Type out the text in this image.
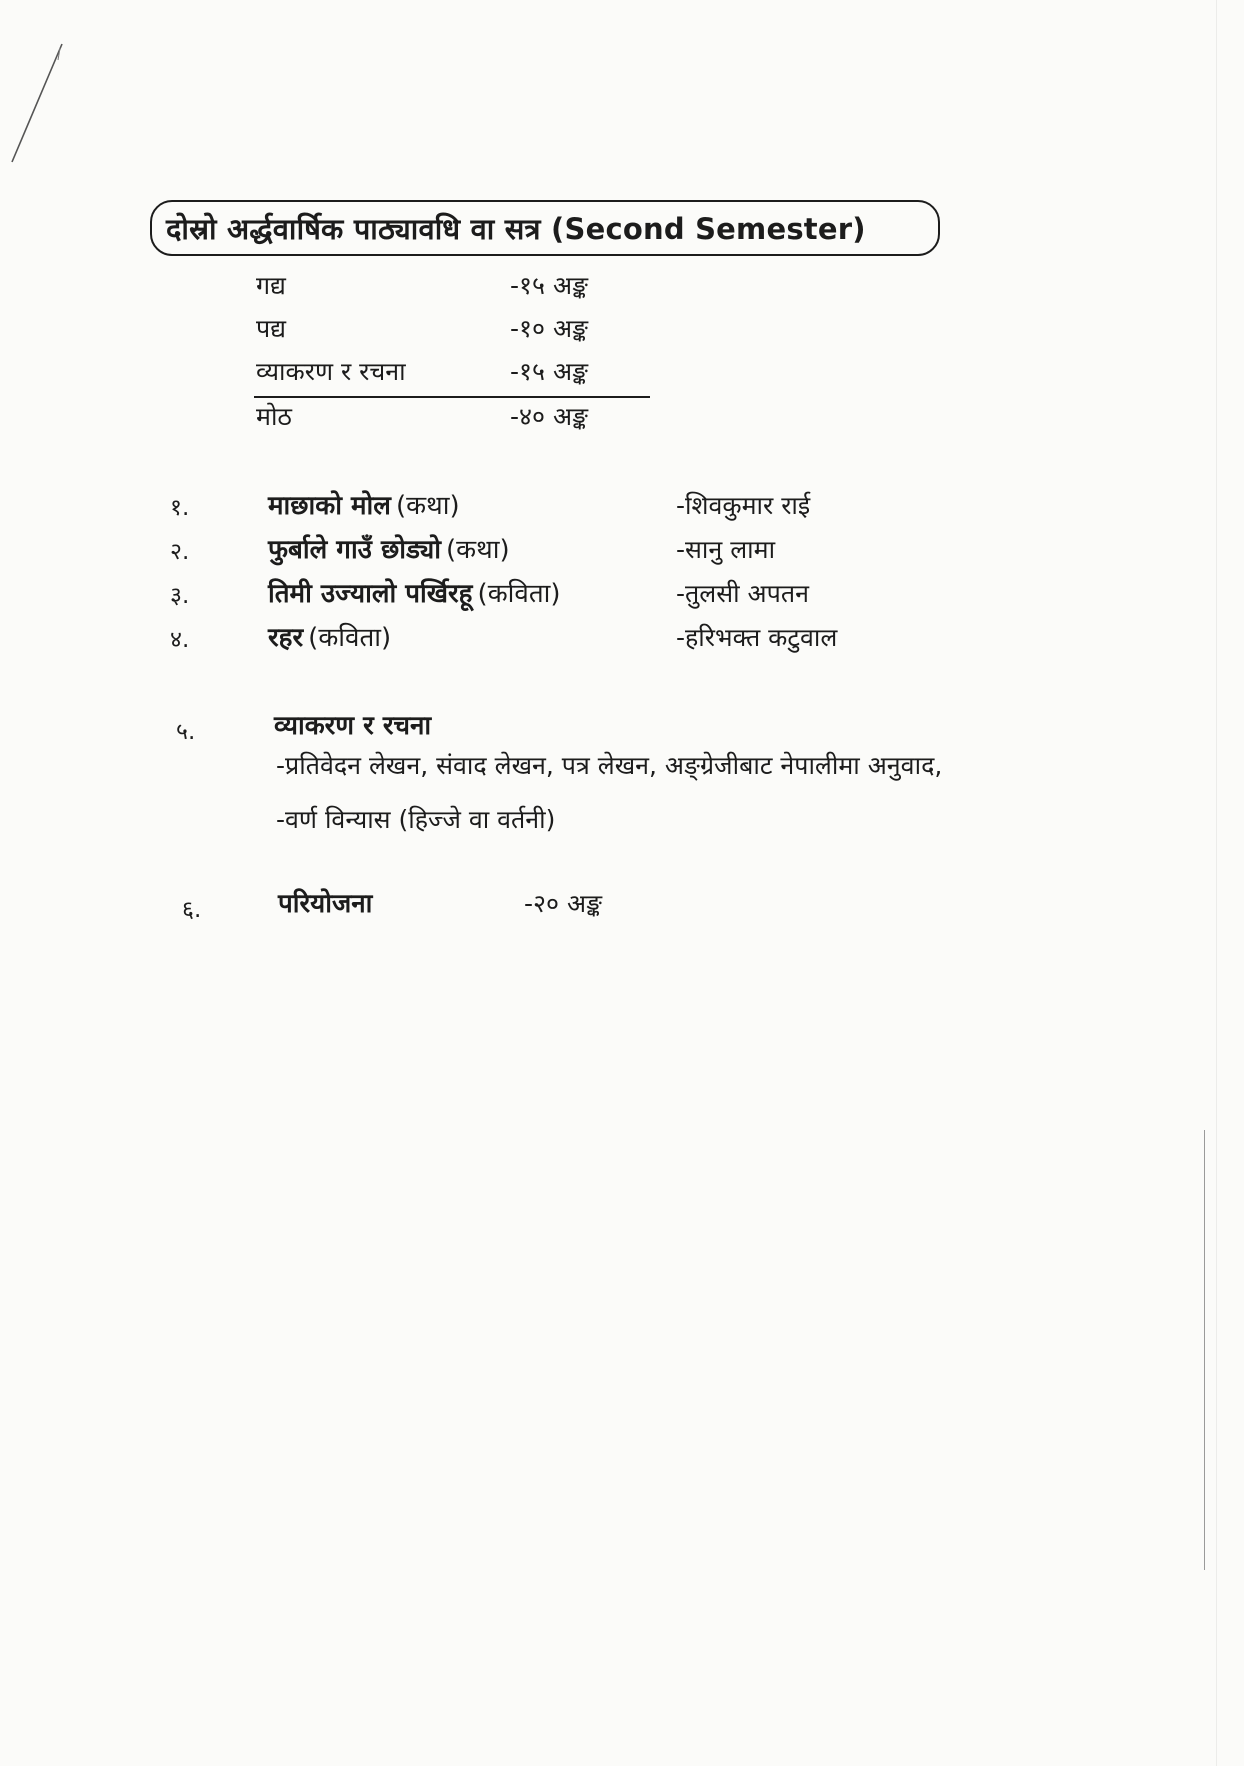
दोस्रो अर्द्धवार्षिक पाठ्यावधि वा सत्र (Second Semester)
गद्य	-१५ अङ्क
पद्य	-१० अङ्क
व्याकरण र रचना	-१५ अङ्क
मोठ	-४० अङ्क
१.	माछाको मोल (कथा)	-शिवकुमार राई
२.	फुर्बाले गाउँ छोड्यो (कथा)	-सानु लामा
३.	तिमी उज्यालो पर्खिरहू (कविता)	-तुलसी अपतन
४.	रहर (कविता)	-हरिभक्त कटुवाल
५.	व्याकरण र रचना
-प्रतिवेदन लेखन, संवाद लेखन, पत्र लेखन, अङ्ग्रेजीबाट नेपालीमा अनुवाद,
-वर्ण विन्यास (हिज्जे वा वर्तनी)
६.	परियोजना	-२० अङ्क
